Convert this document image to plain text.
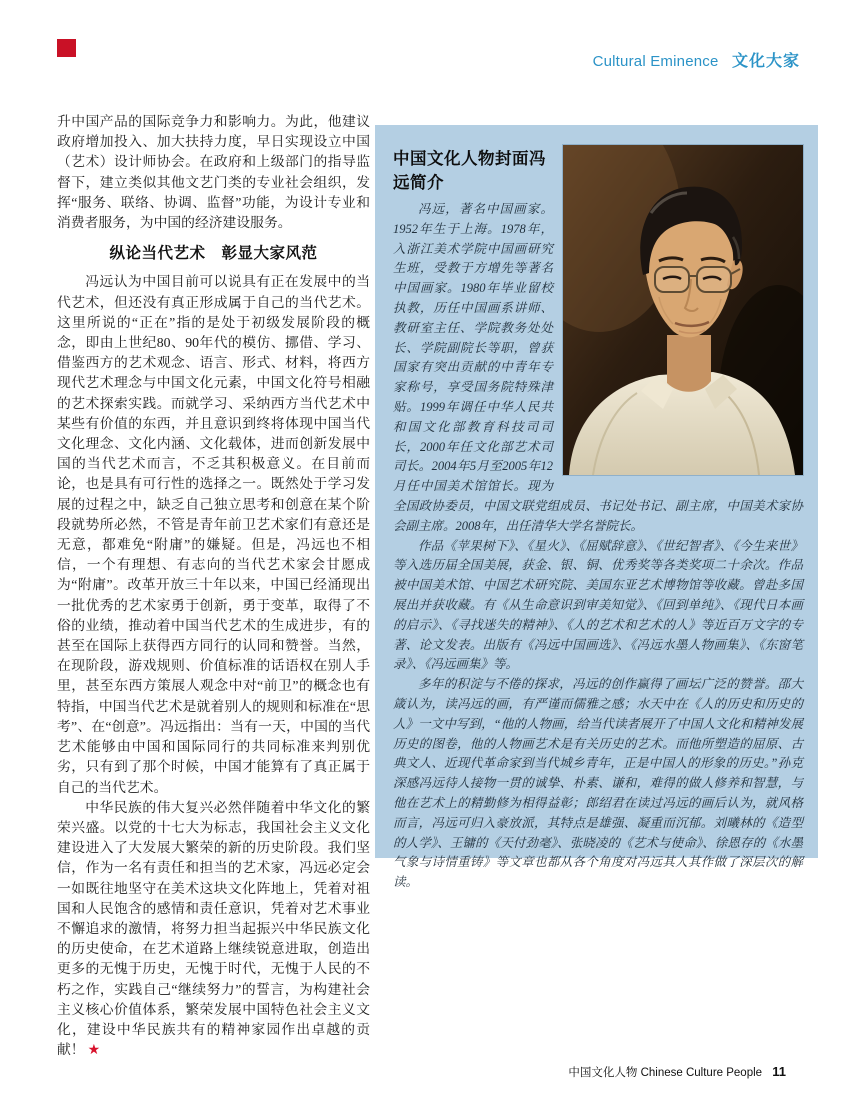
Cultural Eminence 文化大家

升中国产品的国际竞争力和影响力。为此，他建议政府增加投入、加大扶持力度，早日实现设立中国（艺术）设计师协会。在政府和上级部门的指导监督下，建立类似其他文艺门类的专业社会组织，发挥“服务、联络、协调、监督”功能，为设计专业和消费者服务，为中国的经济建设服务。

纵论当代艺术　彰显大家风范

冯远认为中国目前可以说具有正在发展中的当代艺术，但还没有真正形成属于自己的当代艺术。这里所说的“正在”指的是处于初级发展阶段的概念，即由上世纪80、90年代的模仿、挪借、学习、借鉴西方的艺术观念、语言、形式、材料，将西方现代艺术理念与中国文化元素，中国文化符号相融的艺术探索实践。而就学习、采纳西方当代艺术中某些有价值的东西，并且意识到终将体现中国当代文化理念、文化内涵、文化载体，进而创新发展中国的当代艺术而言，不乏其积极意义。在目前而论，也是具有可行性的选择之一。既然处于学习发展的过程之中，缺乏自己独立思考和创意在某个阶段就势所必然，不管是青年前卫艺术家们有意还是无意，都难免“附庸”的嫌疑。但是，冯远也不相信，一个有理想、有志向的当代艺术家会甘愿成为“附庸”。改革开放三十年以来，中国已经涌现出一批优秀的艺术家勇于创新，勇于变革，取得了不俗的业绩，推动着中国当代艺术的生成进步，有的甚至在国际上获得西方同行的认同和赞誉。当然，在现阶段，游戏规则、价值标准的话语权在别人手里，甚至东西方策展人观念中对“前卫”的概念也有特指，中国当代艺术是就着别人的规则和标准在“思考”、在“创意”。冯远指出：当有一天，中国的当代艺术能够由中国和国际同行的共同标准来判别优劣，只有到了那个时候，中国才能算有了真正属于自己的当代艺术。

中华民族的伟大复兴必然伴随着中华文化的繁荣兴盛。以党的十七大为标志，我国社会主义文化建设进入了大发展大繁荣的新的历史阶段。我们坚信，作为一名有责任和担当的艺术家，冯远必定会一如既往地坚守在美术这块文化阵地上，凭着对祖国和人民饱含的感情和责任意识，凭着对艺术事业不懈追求的激情，将努力担当起振兴中华民族文化的历史使命，在艺术道路上继续锐意进取，创造出更多的无愧于历史，无愧于时代，无愧于人民的不朽之作，实践自己“继续努力”的誓言，为构建社会主义核心价值体系，繁荣发展中国特色社会主义文化，建设中华民族共有的精神家园作出卓越的贡献！ ★

中国文化人物封面冯远简介

冯远，著名中国画家。1952年生于上海。1978年，入浙江美术学院中国画研究生班，受教于方增先等著名中国画家。1980年毕业留校执教，历任中国画系讲师、教研室主任、学院教务处处长、学院副院长等职，曾获国家有突出贡献的中青年专家称号，享受国务院特殊津贴。1999年调任中华人民共和国文化部教育科技司司长，2000年任文化部艺术司司长。2004年5月至2005年12月任中国美术馆馆长。现为全国政协委员，中国文联党组成员、书记处书记、副主席，中国美术家协会副主席。2008年，出任清华大学名誉院长。

作品《苹果树下》、《星火》、《屈赋辞意》、《世纪智者》、《今生来世》等入选历届全国美展，获金、银、铜、优秀奖等各类奖项二十余次。作品被中国美术馆、中国艺术研究院、美国东亚艺术博物馆等收藏。曾赴多国展出并获收藏。有《从生命意识到审美知觉》、《回到单纯》、《现代日本画的启示》、《寻找迷失的精神》、《人的艺术和艺术的人》等近百万文字的专著、论文发表。出版有《冯远中国画选》、《冯远水墨人物画集》、《东窗笔录》、《冯远画集》等。

多年的积淀与不倦的探求，冯远的创作赢得了画坛广泛的赞誉。邵大箴认为，读冯远的画，有严谨而儒雅之感；水天中在《人的历史和历史的人》一文中写到，“他的人物画，给当代读者展开了中国人文化和精神发展历史的图卷，他的人物画艺术是有关历史的艺术。而他所塑造的屈原、古典文人、近现代革命家到当代城乡青年，正是中国人的形象的历史。”孙克深感冯远待人接物一贯的诚挚、朴素、谦和，难得的做人修养和智慧，与他在艺术上的精勤修为相得益彰；郎绍君在读过冯远的画后认为，就风格而言，冯远可归入豪放派，其特点是雄强、凝重而沉郁。刘曦林的《造型的人学》、王镛的《天付劲毫》、张晓凌的《艺术与使命》、徐恩存的《水墨气象与诗情重铸》等文章也都从各个角度对冯远其人其作做了深层次的解读。

中国文化人物 Chinese Culture People 11
